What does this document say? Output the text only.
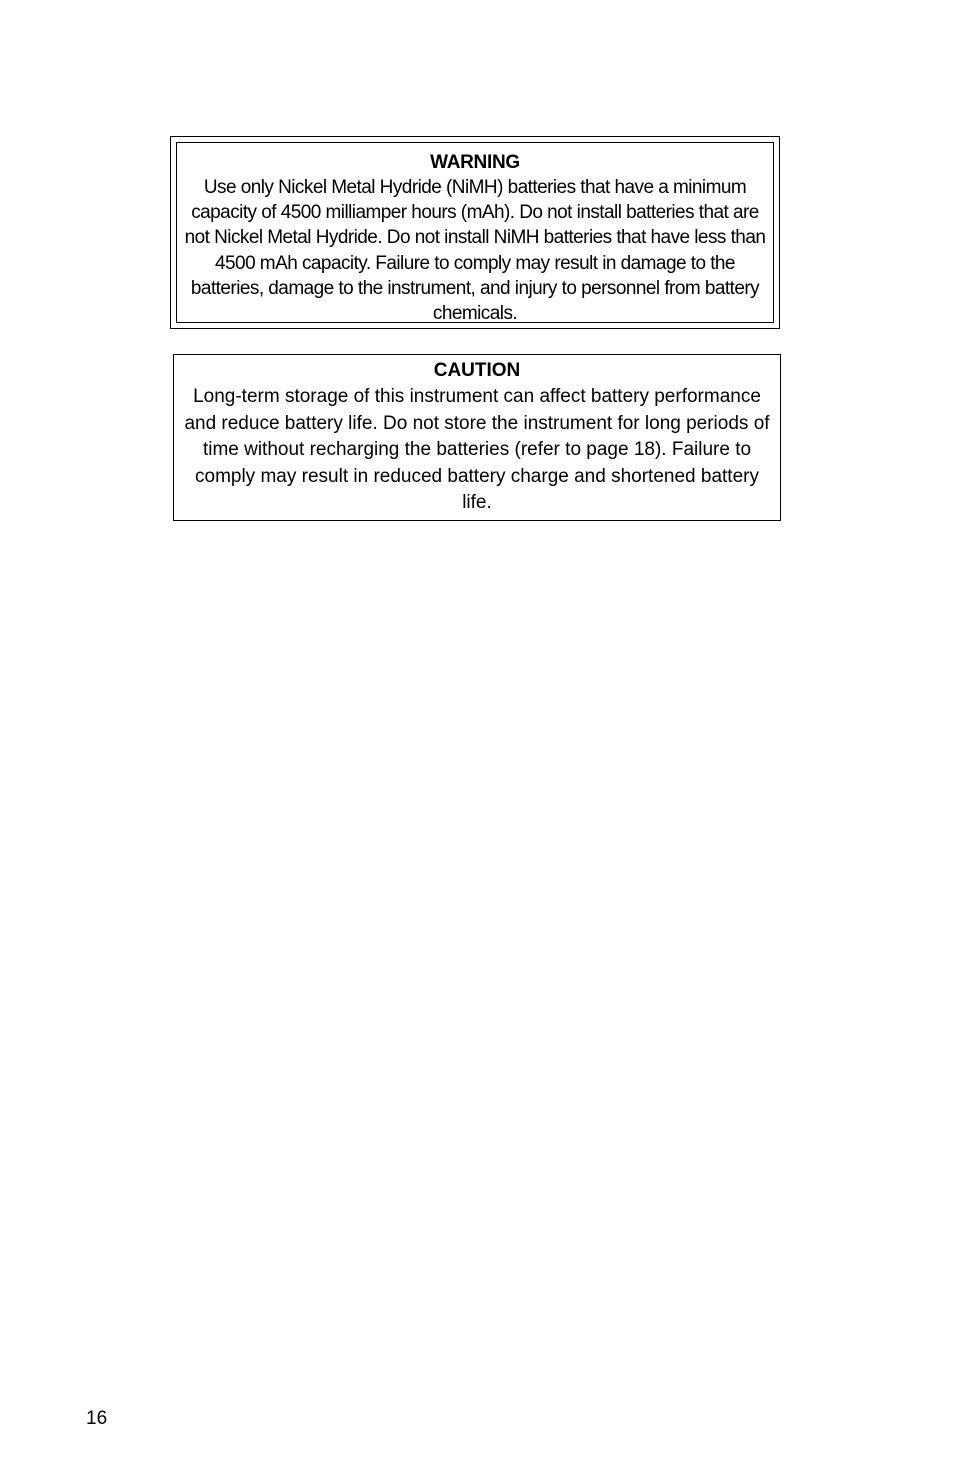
WARNING
Use only Nickel Metal Hydride (NiMH) batteries that have a minimum capacity of 4500 milliamper hours (mAh). Do not install batteries that are not Nickel Metal Hydride. Do not install NiMH batteries that have less than 4500 mAh capacity. Failure to comply may result in damage to the batteries, damage to the instrument, and injury to personnel from battery chemicals.
CAUTION
Long-term storage of this instrument can affect battery performance and reduce battery life. Do not store the instrument for long periods of time without recharging the batteries (refer to page 18). Failure to comply may result in reduced battery charge and shortened battery life.
16
